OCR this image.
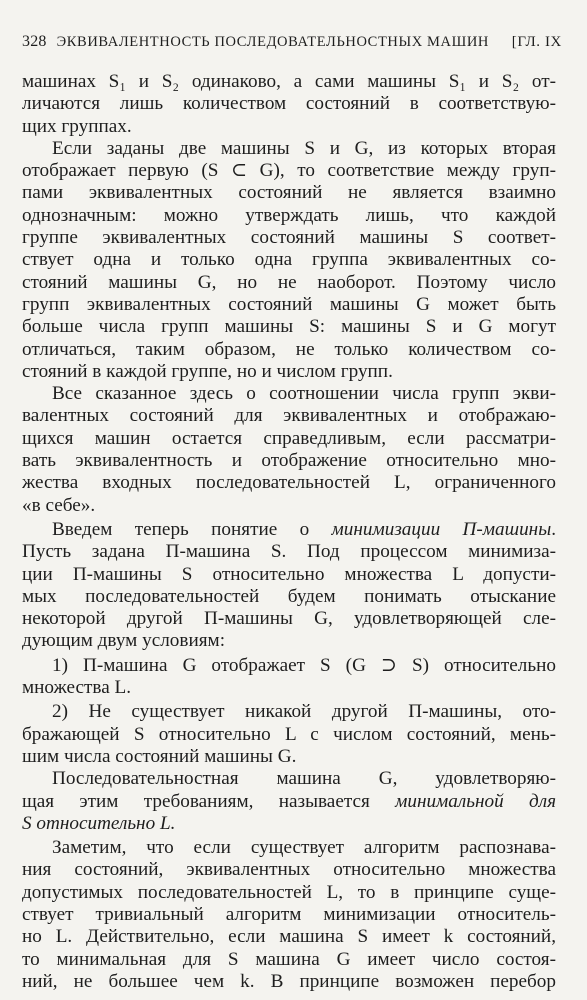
328 ЭКВИВАЛЕНТНОСТЬ ПОСЛЕДОВАТЕЛЬНОСТНЫХ МАШИН [ГЛ. IX
машинах S₁ и S₂ одинаково, а сами машины S₁ и S₂ от-
личаются лишь количеством состояний в соответствую-
щих группах.
Если заданы две машины S и G, из которых вторая
отображает первую (S ⊂ G), то соответствие между груп-
пами эквивалентных состояний не является взаимно
однозначным: можно утверждать лишь, что каждой
группе эквивалентных состояний машины S соответ-
ствует одна и только одна группа эквивалентных со-
стояний машины G, но не наоборот. Поэтому число
групп эквивалентных состояний машины G может быть
больше числа групп машины S: машины S и G могут
отличаться, таким образом, не только количеством со-
стояний в каждой группе, но и числом групп.
Все сказанное здесь о соотношении числа групп экви-
валентных состояний для эквивалентных и отображаю-
щихся машин остается справедливым, если рассматри-
вать эквивалентность и отображение относительно мно-
жества входных последовательностей L, ограниченного
«в себе».
Введем теперь понятие о минимизации П-машины.
Пусть задана П-машина S. Под процессом минимиза-
ции П-машины S относительно множества L допусти-
мых последовательностей будем понимать отыскание
некоторой другой П-машины G, удовлетворяющей сле-
дующим двум условиям:
1) П-машина G отображает S (G ⊃ S) относительно
множества L.
2) Не существует никакой другой П-машины, ото-
бражающей S относительно L с числом состояний, мень-
шим числа состояний машины G.
Последовательностная машина G, удовлетворяю-
щая этим требованиям, называется минимальной для
S относительно L.
Заметим, что если существует алгоритм распознава-
ния состояний, эквивалентных относительно множества
допустимых последовательностей L, то в принципе суще-
ствует тривиальный алгоритм минимизации относитель-
но L. Действительно, если машина S имеет k состояний,
то минимальная для S машина G имеет число состоя-
ний, не большее чем k. В принципе возможен перебор
